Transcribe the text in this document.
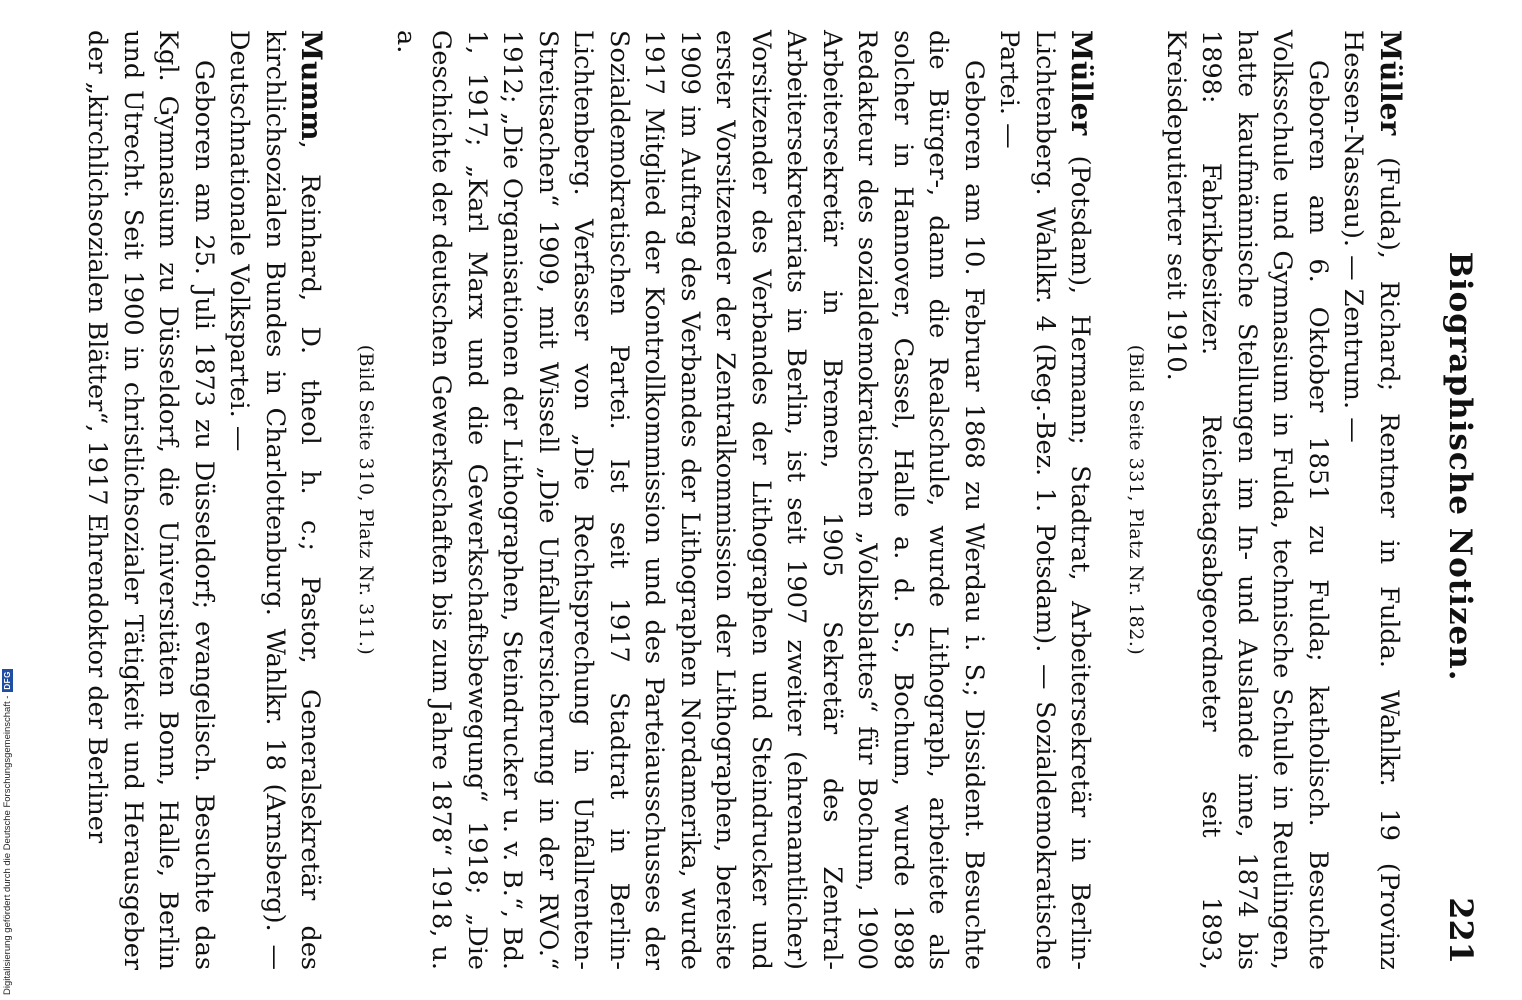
Biographische Notizen.
221

Müller (Fulda), Richard; Rentner in Fulda. Wahlkr. 19 (Provinz Hessen-Nassau). — Zentrum. —

Geboren am 6. Oktober 1851 zu Fulda; katholisch. Besuchte Volksschule und Gymnasium in Fulda, technische Schule in Reutlingen, hatte kaufmännische Stellungen im In- und Auslande inne, 1874 bis 1898: Fabrikbesitzer. Reichstagsabgeordneter seit 1893, Kreisdeputierter seit 1910.

(Bild Seite 331, Platz Nr. 182.)

Müller (Potsdam), Hermann; Stadtrat, Arbeitersekretär in Berlin-Lichtenberg. Wahlkr. 4 (Reg.-Bez. 1. Potsdam). — Sozialdemokratische Partei. —

Geboren am 10. Februar 1868 zu Werdau i. S.; Dissident. Besuchte die Bürger-, dann die Realschule, wurde Lithograph, arbeitete als solcher in Hannover, Cassel, Halle a. d. S., Bochum, wurde 1898 Redakteur des sozialdemokratischen „Volksblattes“ für Bochum, 1900 Arbeitersekretär in Bremen, 1905 Sekretär des Zentral-Arbeitersekretariats in Berlin, ist seit 1907 zweiter (ehrenamtlicher) Vorsitzender des Verbandes der Lithographen und Steindrucker und erster Vorsitzender der Zentralkommission der Lithographen, bereiste 1909 im Auftrag des Verbandes der Lithographen Nordamerika, wurde 1917 Mitglied der Kontrollkommission und des Parteiausschusses der Sozialdemokratischen Partei. Ist seit 1917 Stadtrat in Berlin-Lichtenberg. Verfasser von „Die Rechtsprechung in Unfallrenten-Streitsachen“ 1909, mit Wissell „Die Unfallversicherung in der RVO.“ 1912; „Die Organisationen der Lithographen, Steindrucker u. v. B.“, Bd. 1, 1917; „Karl Marx und die Gewerkschaftsbewegung“ 1918; „Die Geschichte der deutschen Gewerkschaften bis zum Jahre 1878“ 1918, u. a.

(Bild Seite 310, Platz Nr. 311.)

Mumm, Reinhard, D. theol h. c.; Pastor, Generalsekretär des kirchlichsozialen Bundes in Charlottenburg. Wahlkr. 18 (Arnsberg). — Deutschnationale Volkspartei. —

Geboren am 25. Juli 1873 zu Düsseldorf; evangelisch. Besuchte das Kgl. Gymnasium zu Düsseldorf, die Universitäten Bonn, Halle, Berlin und Utrecht. Seit 1900 in christlichsozialer Tätigkeit und Herausgeber der „kirchlichsozialen Blätter“, 1917 Ehrendoktor der Berliner

Digitalisierung gefördert durch die Deutsche Forschungsgemeinschaft -
DFG
